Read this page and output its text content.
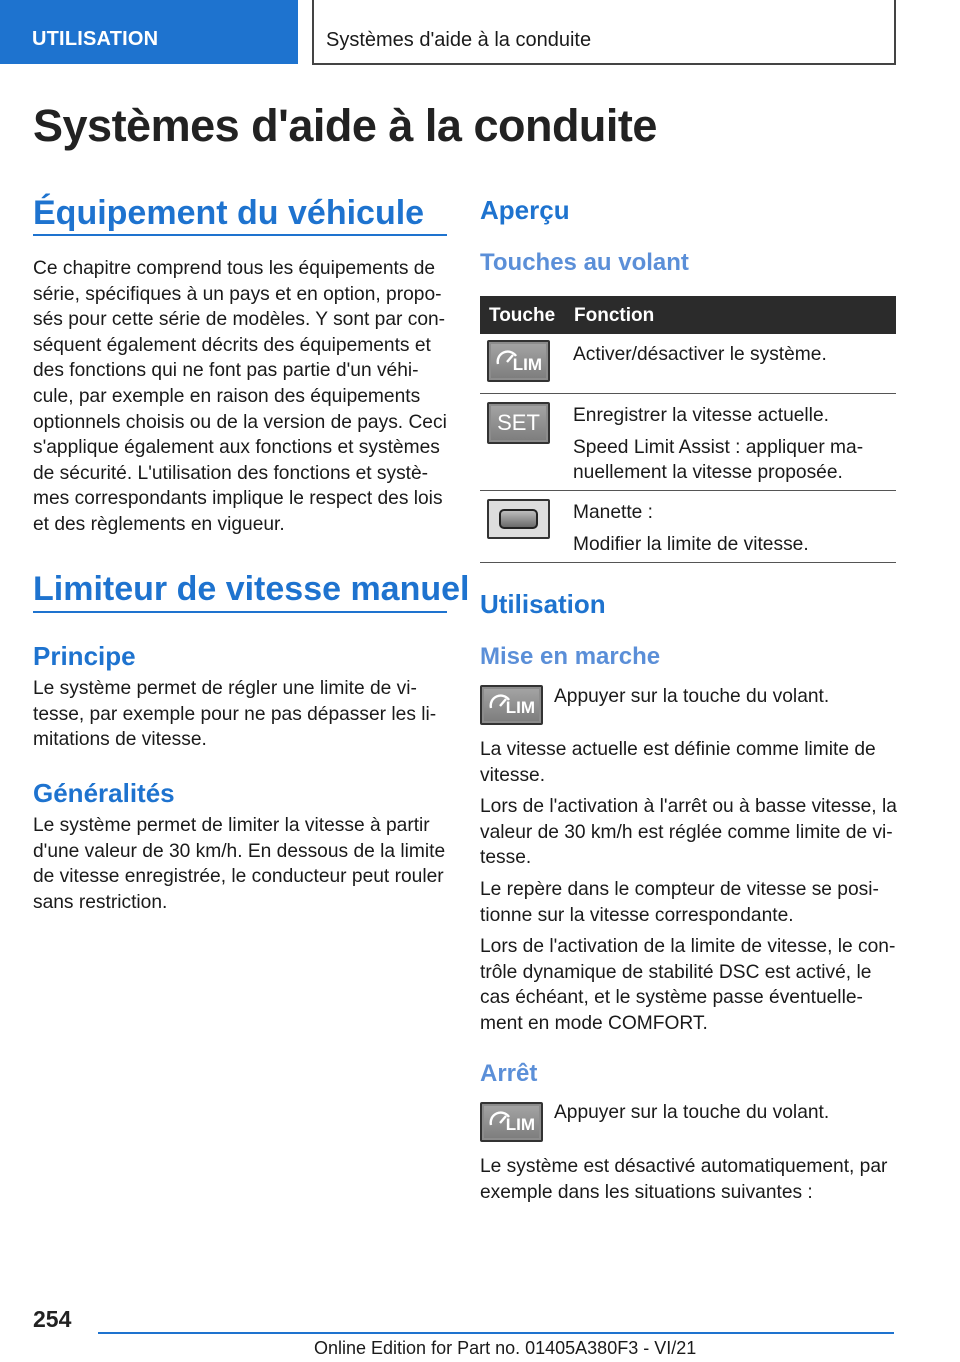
UTILISATION	Systèmes d'aide à la conduite
Systèmes d'aide à la conduite
Équipement du véhicule
Ce chapitre comprend tous les équipements de
série, spécifiques à un pays et en option, propo‐
sés pour cette série de modèles. Y sont par con‐
séquent également décrits des équipements et
des fonctions qui ne font pas partie d'un véhi‐
cule, par exemple en raison des équipements
optionnels choisis ou de la version de pays. Ceci
s'applique également aux fonctions et systèmes
de sécurité. L'utilisation des fonctions et systè‐
mes correspondants implique le respect des lois
et des règlements en vigueur.
Limiteur de vitesse manuel
Principe
Le système permet de régler une limite de vi‐
tesse, par exemple pour ne pas dépasser les li‐
mitations de vitesse.
Généralités
Le système permet de limiter la vitesse à partir
d'une valeur de 30 km/h. En dessous de la limite
de vitesse enregistrée, le conducteur peut rouler
sans restriction.
Aperçu
Touches au volant
Touche Fonction
LIM Activer/désactiver le système.
SET	Enregistrer la vitesse actuelle.
Speed Limit Assist : appliquer ma‐
nuellement la vitesse proposée.
Manette :
Modifier la limite de vitesse.
Utilisation
Mise en marche
LIM
Appuyer sur la touche du volant.
La vitesse actuelle est définie comme limite de
vitesse.
Lors de l'activation à l'arrêt ou à basse vitesse, la
valeur de 30 km/h est réglée comme limite de vi‐
tesse.
Le repère dans le compteur de vitesse se posi‐
tionne sur la vitesse correspondante.
Lors de l'activation de la limite de vitesse, le con‐
trôle dynamique de stabilité DSC est activé, le
cas échéant, et le système passe éventuelle‐
ment en mode COMFORT.
Arrêt
LIM
Appuyer sur la touche du volant.
Le système est désactivé automatiquement, par
exemple dans les situations suivantes :
254
Online Edition for Part no. 01405A380F3 - VI/21
